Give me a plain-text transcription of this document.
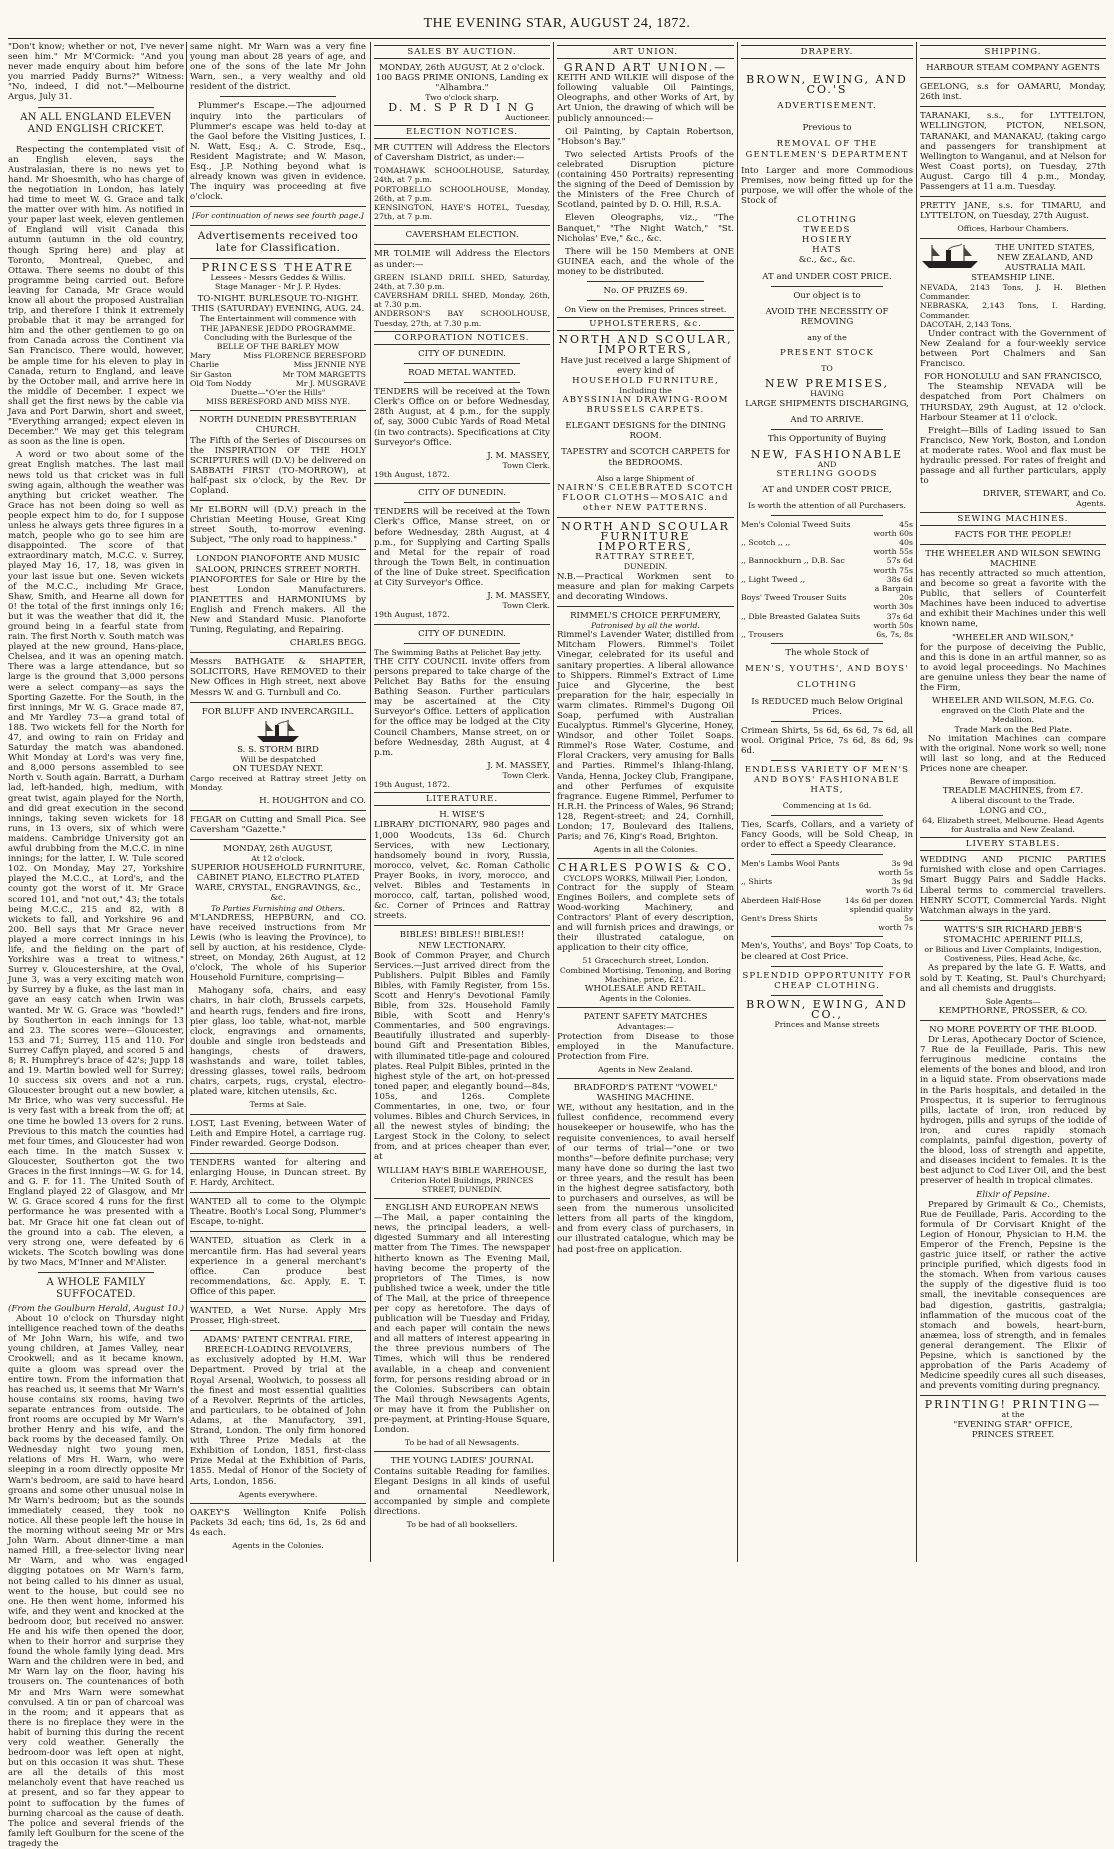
THE EVENING STAR, AUGUST 24, 1872.

"Don't know; whether or not, I've never seen him." Mr M'Cormick: "And you never made enquiry about him before you married Paddy Burns?" Witness: "No, indeed, I did not."—Melbourne Argus, July 31.

AN ALL ENGLAND ELEVEN AND ENGLISH CRICKET.

Respecting the contemplated visit of an English eleven, says the Australasian, there is no news yet to hand. Mr Shoesmith, who has charge of the negotiation in London, has lately had time to meet W. G. Grace and talk the matter over with him. As notified in your paper last week, eleven gentlemen of England will visit Canada this autumn (autumn in the old country, though Spring here) and play at Toronto, Montreal, Quebec, and Ottawa. There seems no doubt of this programme being carried out. Before leaving for Canada, Mr Grace would know all about the proposed Australian trip, and therefore I think it extremely probable that it may be arranged for him and the other gentlemen to go on from Canada across the Continent via San Francisco. There would, however, be ample time for his eleven to play in Canada, return to England, and leave by the October mail, and arrive here in the middle of December. I expect we shall get the first news by the cable via Java and Port Darwin, short and sweet, "Everything arranged; expect eleven in December." We may get this telegram as soon as the line is open.

A word or two about some of the great English matches. The last mail news told us that cricket was in full swing again, although the weather was anything but cricket weather. The Grace has not been doing so well as people expect him to do, for I suppose unless he always gets three figures in a match, people who go to see him are disappointed. The score of that extraordinary match, M.C.C. v. Surrey, played May 16, 17, 18, was given in your last issue but one. Seven wickets of the M.C.C., including Mr Grace, Shaw, Smith, and Hearne all down for 0! the total of the first innings only 16; but it was the weather that did it, the ground being in a fearful state from rain. The first North v. South match was played at the new ground, Hans-place, Chelsea, and it was an opening match. There was a large attendance, but so large is the ground that 3,000 persons were a select company—as says the Sporting Gazette. For the South, in the first innings, Mr W. G. Grace made 87, and Mr Yardley 73—a grand total of 188. Two wickets fell for the North for 47, and owing to rain on Friday and Saturday the match was abandoned. Whit Monday at Lord's was very fine, and 8,000 persons assembled to see North v. South again. Barratt, a Durham lad, left-handed, high, medium, with great twist, again played for the North, and did great execution in the second innings, taking seven wickets for 18 runs, in 13 overs, six of which were maidens. Cambridge University got an awful drubbing from the M.C.C. in nine innings; for the latter, I. W. Tule scored 102. On Monday, May 27, Yorkshire played the M.C.C., at Lord's, and the county got the worst of it. Mr Grace scored 101, and "not out," 43; the totals being M.C.C., 215 and 82, with 8 wickets to fall, and Yorkshire 96 and 200. Bell says that Mr Grace never played a more correct innings in his life, and the fielding on the part of Yorkshire was a treat to witness." Surrey v. Gloucestershire, at the Oval, June 3, was a very exciting match won by Surrey by a fluke, as the last man in gave an easy catch when Irwin was wanted. Mr W. G. Grace was "bowled!" by Southerton in each innings for 13 and 23. The scores were—Gloucester, 153 and 71; Surrey, 115 and 110. For Surrey Caffyn played, and scored 5 and 8; R. Humphrey's brace of 42's; Jupp 18 and 19. Martin bowled well for Surrey; 10 success six overs and not a run. Gloucester brought out a new bowler, a Mr Brice, who was very successful. He is very fast with a break from the off; at one time he bowled 13 overs for 2 runs. Previous to this match the counties had met four times, and Gloucester had won each time. In the match Sussex v. Gloucester, Southerton got the two Graces in the first innings—W. G. for 14, and G. F. for 11. The United South of England played 22 of Glasgow, and Mr W. G. Grace scored 4 runs for the first performance he was presented with a bat. Mr Grace hit one fat clean out of the ground into a cab. The eleven, a very strong one, were defeated by 6 wickets. The Scotch bowling was done by two Macs, M'Inner and M'Alister.

A WHOLE FAMILY SUFFOCATED.
(From the Goulburn Herald, August 10.)

About 10 o'clock on Thursday night intelligence reached town of the deaths of Mr John Warn, his wife, and two young children, at James Valley, near Crookwell; and as it became known, quite a gloom was spread over the entire town. From the information that has reached us, it seems that Mr Warn's house contains six rooms, having two separate entrances from outside. The front rooms are occupied by Mr Warn's brother Henry and his wife, and the back rooms by the deceased family. On Wednesday night two young men, relations of Mrs H. Warn, who were sleeping in a room directly opposite Mr Warn's bedroom, are said to have heard groans and some other unusual noise in Mr Warn's bedroom; but as the sounds immediately ceased, they took no notice. All these people left the house in the morning without seeing Mr or Mrs John Warn. About dinner-time a man named Hill, a free-selector living near Mr Warn, and who was engaged digging potatoes on Mr Warn's farm, not being called to his dinner as usual, went to the house, but could see no one. He then went home, informed his wife, and they went and knocked at the bedroom door, but received no answer. He and his wife then opened the door, when to their horror and surprise they found the whole family lying dead. Mrs Warn and the children were in bed, and Mr Warn lay on the floor, having his trousers on. The countenances of both Mr and Mrs Warn were somewhat convulsed. A tin or pan of charcoal was in the room; and it appears that as there is no fireplace they were in the habit of burning this during the recent very cold weather. Generally the bedroom-door was left open at night, but on this occasion it was shut. These are all the details of this most melancholy event that have reached us at present, and so far they appear to point to suffocation by the fumes of burning charcoal as the cause of death. The police and several friends of the family left Goulburn for the scene of the tragedy the

same night. Mr Warn was a very fine young man about 28 years of age, and one of the sons of the late Mr John Warn, sen., a very wealthy and old resident of the district.

Plummer's Escape.—The adjourned inquiry into the particulars of Plummer's escape was held to-day at the Gaol before the Visiting Justices, I. N. Watt, Esq.; A. C. Strode, Esq., Resident Magistrate; and W. Mason, Esq., J.P. Nothing beyond what is already known was given in evidence. The inquiry was proceeding at five o'clock.

[For continuation of news see fourth page.]
Advertisements received too late for Classification.
PRINCESS THEATRE
Lessees - Messrs Geddes & Willis.
Stage Manager - Mr J. P. Hydes.
TO-NIGHT. BURLESQUE TO-NIGHT.
THIS (SATURDAY) EVENING, AUG. 24.
The Entertainment will commence with THE JAPANESE JEDDO PROGRAMME.
Concluding with the Burlesque of the BELLE OF THE BARLEY MOW
Mary	Miss FLORENCE BERESFORD
Charlie	Miss JENNIE NYE
Sir Gaston	Mr TOM MARGETTS
Old Tom Noddy	Mr J. MUSGRAVE
Duette—"O'er the Hills"
MISS BERESFORD AND MISS NYE.
NORTH DUNEDIN PRESBYTERIAN CHURCH.

The Fifth of the Series of Discourses on the INSPIRATION OF THE HOLY SCRIPTURES will (D.V.) be delivered on SABBATH FIRST (TO-MORROW), at half-past six o'clock, by the Rev. Dr Copland.

Mr ELBORN will (D.V.) preach in the Christian Meeting House, Great King street South, to-morrow evening. Subject, "The only road to happiness."

LONDON PIANOFORTE AND MUSIC SALOON, PRINCES STREET NORTH.

PIANOFORTES for Sale or Hire by the best London Manufacturers. PIANETTES and HARMONIUMS by English and French makers. All the New and Standard Music. Pianoforte Tuning, Regulating, and Repairing.

CHARLES BEGG.

Messrs BATHGATE & SHAPTER, SOLICITORS, Have REMOVED to their New Offices in High street, next above Messrs W. and G. Turnbull and Co.

FOR BLUFF AND INVERCARGILL.
S. S. STORM BIRD
Will be despatched
ON TUESDAY NEXT.

Cargo received at Rattray street Jetty on Monday.

H. HOUGHTON and CO.

FEGAR on Cutting and Small Pica. See Caversham "Gazette."

MONDAY, 26th AUGUST,
At 12 o'clock.
SUPERIOR HOUSEHOLD FURNITURE, CABINET PIANO, ELECTRO PLATED WARE, CRYSTAL, ENGRAVINGS, &c., &c.
To Parties Furnishing and Others.

M'LANDRESS, HEPBURN, and CO. have received instructions from Mr Lewis (who is leaving the Province), to sell by auction, at his residence, Clyde-street, on Monday, 26th August, at 12 o'clock, The whole of his Superior Household Furniture, comprising—

Mahogany sofa, chairs, and easy chairs, in hair cloth, Brussels carpets, and hearth rugs, fenders and fire irons, pier glass, loo table, what-not, marble clock, engravings and ornaments, double and single iron bedsteads and hangings, chests of drawers, washstands and ware, toilet tables, dressing glasses, towel rails, bedroom chairs, carpets, rugs, crystal, electro-plated ware, kitchen utensils, &c.

Terms at Sale.

LOST, Last Evening, between Water of Leith and Empire Hotel, a carriage rug. Finder rewarded. George Dodson.

TENDERS wanted for altering and enlarging House, in Duncan street. By F. Hardy, Architect.

WANTED all to come to the Olympic Theatre. Booth's Local Song, Plummer's Escape, to-night.

WANTED, situation as Clerk in a mercantile firm. Has had several years experience in a general merchant's office. Can produce best recommendations, &c. Apply, E. T. Office of this paper.

WANTED, a Wet Nurse. Apply Mrs Prosser, High-street.

ADAMS' PATENT CENTRAL FIRE, BREECH-LOADING REVOLVERS,

as exclusively adopted by H.M. War Department. Proved by trial at the Royal Arsenal, Woolwich, to possess all the finest and most essential qualities of a Revolver. Reprints of the articles, and particulars, to be obtained of John Adams, at the Manufactory, 391, Strand, London. The only firm honored with Three Prize Medals at the Exhibition of London, 1851, first-class Prize Medal at the Exhibition of Paris, 1855. Medal of Honor of the Society of Arts, London, 1856.

Agents everywhere.

OAKEY'S Wellington Knife Polish Packets 3d each; tins 6d, 1s, 2s 6d and 4s each.

Agents in the Colonies.
SALES BY AUCTION.
MONDAY, 26th AUGUST, At 2 o'clock.
100 BAGS PRIME ONIONS, Landing ex "Alhambra."
Two o'clock sharp.
D. M. S P R D I N G
Auctioneer.
ELECTION NOTICES.

MR CUTTEN will Address the Electors of Caversham District, as under:—

TOMAHAWK SCHOOLHOUSE, Saturday, 24th, at 7 p.m.
PORTOBELLO SCHOOLHOUSE, Monday, 26th, at 7 p.m.
KENSINGTON, HAYE'S HOTEL, Tuesday, 27th, at 7 p.m.
CAVERSHAM ELECTION.

MR TOLMIE will Address the Electors as under:—

GREEN ISLAND DRILL SHED, Saturday, 24th, at 7.30 p.m.
CAVERSHAM DRILL SHED, Monday, 26th, at 7.30 p.m.
ANDERSON'S BAY SCHOOLHOUSE, Tuesday, 27th, at 7.30 p.m.
CORPORATION NOTICES.
CITY OF DUNEDIN.
ROAD METAL WANTED.

TENDERS will be received at the Town Clerk's Office on or before Wednesday, 28th August, at 4 p.m., for the supply of, say, 3000 Cubic Yards of Road Metal (in two contracts). Specifications at City Surveyor's Office.

J. M. MASSEY,
Town Clerk.
19th August, 1872.
CITY OF DUNEDIN.

TENDERS will be received at the Town Clerk's Office, Manse street, on or before Wednesday, 28th August, at 4 p.m., for Supplying and Carting Spalls and Metal for the repair of road through the Town Belt, in continuation of the line of Duke street. Specification at City Surveyor's Office.

J. M. MASSEY,
Town Clerk.
19th August, 1872.
CITY OF DUNEDIN.
The Swimming Baths at Pelichet Bay jetty.

THE CITY COUNCIL invite offers from persons prepared to take charge of the Pelichet Bay Baths for the ensuing Bathing Season. Further particulars may be ascertained at the City Surveyor's Office. Letters of application for the office may be lodged at the City Council Chambers, Manse street, on or before Wednesday, 28th August, at 4 p.m.

J. M. MASSEY,
Town Clerk.
19th August, 1872.
LITERATURE.
H. WISE'S

LIBRARY DICTIONARY, 980 pages and 1,000 Woodcuts, 13s 6d. Church Services, with new Lectionary, handsomely bound in ivory, Russia, morocco, velvet, &c. Roman Catholic Prayer Books, in ivory, morocco, and velvet. Bibles and Testaments in morocco, calf, tartan, polished wood, &c. Corner of Princes and Rattray streets.

BIBLES! BIBLES!! BIBLES!!
NEW LECTIONARY.

Book of Common Prayer, and Church Services.—Just arrived direct from the Publishers. Pulpit Bibles and Family Bibles, with Family Register, from 15s. Scott and Henry's Devotional Family Bible, from 32s. Household Family Bible, with Scott and Henry's Commentaries, and 500 engravings. Beautifully illustrated and superbly-bound Gift and Presentation Bibles, with illuminated title-page and coloured plates. Real Pulpit Bibles, printed in the highest style of the art, on hot-pressed toned paper, and elegantly bound—84s, 105s, and 126s. Complete Commentaries, in one, two, or four volumes. Bibles and Church Services, in all the newest styles of binding; the Largest Stock in the Colony, to select from, and at prices cheaper than ever, at

WILLIAM HAY'S BIBLE WAREHOUSE,
Criterion Hotel Buildings, PRINCES STREET, DUNEDIN.
ENGLISH AND EUROPEAN NEWS

—The Mail, a paper containing the news, the principal leaders, a well-digested Summary and all interesting matter from The Times. The newspaper hitherto known as The Evening Mail, having become the property of the proprietors of The Times, is now published twice a week, under the title of The Mail, at the price of threepence per copy as heretofore. The days of publication will be Tuesday and Friday, and each paper will contain the news and all matters of interest appearing in the three previous numbers of The Times, which will thus be rendered available, in a cheap and convenient form, for persons residing abroad or in the Colonies. Subscribers can obtain The Mail through Newsagents Agents, or may have it from the Publisher on pre-payment, at Printing-House Square, London.

To be had of all Newsagents.
THE YOUNG LADIES' JOURNAL

Contains suitable Reading for families. Elegant Designs in all kinds of useful and ornamental Needlework, accompanied by simple and complete directions.

To be had of all booksellers.
ART UNION.
GRAND ART UNION.—

KEITH AND WILKIE will dispose of the following valuable Oil Paintings, Oleographs, and other Works of Art, by Art Union, the drawing of which will be publicly announced:—

Oil Painting, by Captain Robertson, "Hobson's Bay."

Two selected Artists Proofs of the celebrated Disruption picture (containing 450 Portraits) representing the signing of the Deed of Demission by the Ministers of the Free Church of Scotland, painted by D. O. Hill, R.S.A.

Eleven Oleographs, viz., "The Banquet," "The Night Watch," "St. Nicholas' Eve," &c., &c.

There will be 150 Members at ONE GUINEA each, and the whole of the money to be distributed.

No. OF PRIZES 69.
On View on the Premises, Princes street.
UPHOLSTERERS, &c.
NORTH AND SCOULAR,
IMPORTERS,
Have just received a large Shipment of every kind of
HOUSEHOLD FURNITURE,
Including the
ABYSSINIAN DRAWING-ROOM BRUSSELS CARPETS.
ELEGANT DESIGNS for the DINING ROOM.
TAPESTRY and SCOTCH CARPETS for the BEDROOMS.
Also a large Shipment of
NAIRN'S CELEBRATED SCOTCH FLOOR CLOTHS—MOSAIC and other NEW PATTERNS.
NORTH AND SCOULAR
FURNITURE IMPORTERS,
RATTRAY STREET,
DUNEDIN.

N.B.—Practical Workmen sent to measure and plan for making Carpets and decorating Windows.

RIMMEL'S CHOICE PERFUMERY,
Patronised by all the world.

Rimmel's Lavender Water, distilled from Mitcham Flowers. Rimmel's Toilet Vinegar, celebrated for its useful and sanitary properties. A liberal allowance to Shippers. Rimmel's Extract of Lime Juice and Glycerine, the best preparation for the hair, especially in warm climates. Rimmel's Dugong Oil Soap, perfumed with Australian Eucalyptus. Rimmel's Glycerine, Honey, Windsor, and other Toilet Soaps. Rimmel's Rose Water, Costume, and Floral Crackers, very amusing for Balls and Parties. Rimmel's Ihlang-Ihlang, Vanda, Henna, Jockey Club, Frangipane, and other Perfumes of exquisite fragrance. Eugene Rimmel, Perfumer to H.R.H. the Princess of Wales, 96 Strand; 128, Regent-street; and 24, Cornhill, London; 17, Boulevard des Italiens, Paris; and 76, King's Road, Brighton.

Agents in all the Colonies.
CHARLES POWIS & CO.
CYCLOPS WORKS, Millwall Pier, London,

Contract for the supply of Steam Engines Boilers, and complete sets of Wood-working Machinery, and Contractors' Plant of every description, and will furnish prices and drawings, or their illustrated catalogue, on application to their city office,

51 Gracechurch street, London.
Combined Mortising, Tenoning, and Boring Machine, price, £21.
WHOLESALE AND RETAIL.
Agents in the Colonies.
PATENT SAFETY MATCHES
Advantages:—

Protection from Disease to those employed in the Manufacture. Protection from Fire.

Agents in New Zealand.
BRADFORD'S PATENT "VOWEL" WASHING MACHINE.

WE, without any hesitation, and in the fullest confidence, recommend every housekeeper or housewife, who has the requisite conveniences, to avail herself of our terms of trial—"one or two months"—before definite purchase; very many have done so during the last two or three years, and the result has been in the highest degree satisfactory, both to purchasers and ourselves, as will be seen from the numerous unsolicited letters from all parts of the kingdom, and from every class of purchasers, in our illustrated catalogue, which may be had post-free on application.

DRAPERY.
BROWN, EWING, AND CO.'S
ADVERTISEMENT.
Previous to
REMOVAL OF THE GENTLEMEN'S DEPARTMENT

Into Larger and more Commodious Premises, now being fitted up for the purpose, we will offer the whole of the Stock of

CLOTHING
TWEEDS
HOSIERY
HATS
&c., &c., &c.
AT and UNDER COST PRICE.
Our object is to
AVOID THE NECESSITY OF REMOVING
any of the
PRESENT STOCK
TO
NEW PREMISES,
HAVING
LARGE SHIPMENTS DISCHARGING,
And TO ARRIVE.
This Opportunity of Buying
NEW, FASHIONABLE
AND
STERLING GOODS
AT and UNDER COST PRICE,
Is worth the attention of all Purchasers.
Men's Colonial Tweed Suits	45s
worth 60s
,, Scotch ,, ,,	40s
worth 55s
,, Bannockburn ,, D.B. Sac	57s 6d
worth 75s
,, Light Tweed ,,	38s 6d
a Bargain
Boys' Tweed Trouser Suits	20s
worth 30s
,, Dble Breasted Galatea Suits	37s 6d
worth 50s
,, Trousers	6s, 7s, 8s
The whole Stock of
MEN'S, YOUTHS', AND BOYS'
CLOTHING
Is REDUCED much Below Original Prices.

Crimean Shirts, 5s 6d, 6s 6d, 7s 6d, all wool. Original Price, 7s 6d, 8s 6d, 9s 6d.

ENDLESS VARIETY OF MEN'S AND BOYS' FASHIONABLE HATS,
Commencing at 1s 6d.

Ties, Scarfs, Collars, and a variety of Fancy Goods, will be Sold Cheap, in order to effect a Speedy Clearance.

Men's Lambs Wool Pants	3s 9d
worth 5s
,, Shirts	3s 9d
worth 7s 6d
Aberdeen Half-Hose	14s 6d per dozen
splendid quality
Gent's Dress Shirts	5s
worth 7s

Men's, Youths', and Boys' Top Coats, to be cleared at Cost Price.

SPLENDID OPPORTUNITY FOR CHEAP CLOTHING.
BROWN, EWING, AND CO.,
Princes and Manse streets
SHIPPING.
HARBOUR STEAM COMPANY AGENTS

GEELONG, s.s for OAMARU, Monday, 26th inst.

TARANAKI, s.s., for LYTTELTON, WELLINGTON, PICTON, NELSON, TARANAKI, and MANAKAU, (taking cargo and passengers for transhipment at Wellington to Wanganui, and at Nelson for West Coast ports), on Tuesday, 27th August. Cargo till 4 p.m., Monday, Passengers at 11 a.m. Tuesday.

PRETTY JANE, s.s. for TIMARU, and LYTTELTON, on Tuesday, 27th August.

Offices, Harbour Chambers.
THE UNITED STATES, NEW ZEALAND, AND AUSTRALIA MAIL STEAMSHIP LINE.
NEVADA, 2143 Tons, J. H. Blethen Commander.
NEBRASKA, 2,143 Tons, I. Harding, Commander.
DACOTAH, 2,143 Tons.

Under contract with the Government of New Zealand for a four-weekly service between Port Chalmers and San Francisco.

FOR HONOLULU and SAN FRANCISCO,

The Steamship NEVADA will be despatched from Port Chalmers on THURSDAY, 29th August, at 12 o'clock. Harbour Steamer at 11 o'clock.

Freight—Bills of Lading issued to San Francisco, New York, Boston, and London at moderate rates. Wool and flax must be hydraulic pressed. For rates of freight and passage and all further particulars, apply to

DRIVER, STEWART, and Co.
Agents.
SEWING MACHINES.
FACTS FOR THE PEOPLE!
THE WHEELER AND WILSON SEWING MACHINE

has recently attracted so much attention, and become so great a favorite with the Public, that sellers of Counterfeit Machines have been induced to advertise and exhibit their Machines under this well known name,

"WHEELER AND WILSON,"

for the purpose of deceiving the Public, and this is done in an artful manner, so as to avoid legal proceedings. No Machines are genuine unless they bear the name of the Firm,

WHEELER AND WILSON, M.F.G. Co.
engraved on the Cloth Plate and the Medallion.
Trade Mark on the Bed Plate.

No imitation Machines can compare with the original. None work so well; none will last so long, and at the Reduced Prices none are cheaper.

Beware of imposition.
TREADLE MACHINES, from £7.
A liberal discount to the Trade.
LONG and CO.,
64, Elizabeth street, Melbourne. Head Agents for Australia and New Zealand.
LIVERY STABLES.

WEDDING AND PICNIC PARTIES furnished with close and open Carriages. Smart Buggy Pairs and Saddle Hacks. Liberal terms to commercial travellers. HENRY SCOTT, Commercial Yards. Night Watchman always in the yard.

WATTS'S SIR RICHARD JEBB'S STOMACHIC APERIENT PILLS,
or Bilious and Liver Complaints, Indigestion, Costiveness, Piles, Head Ache, &c.

As prepared by the late G. F. Watts, and sold by T. Keating, St. Paul's Churchyard; and all chemists and druggists.

Sole Agents—
KEMPTHORNE, PROSSER, & CO.
NO MORE POVERTY OF THE BLOOD.

Dr Leras, Apothecary Doctor of Science, 7 Rue de la Feuillade, Paris. This new ferruginous medicine contains the elements of the bones and blood, and iron in a liquid state. From observations made in the Paris hospitals, and detailed in the Prospectus, it is superior to ferruginous pills, lactate of iron, iron reduced by hydrogen, pills and syrups of the iodide of iron, and cures rapidly stomach complaints, painful digestion, poverty of the blood, loss of strength and appetite, and diseases incident to females. It is the best adjunct to Cod Liver Oil, and the best preserver of health in tropical climates.

Elixir of Pepsine.

Prepared by Grimault & Co., Chemists, Rue de Feuillade, Paris. According to the formula of Dr Corvisart Knight of the Legion of Honour, Physician to H.M. the Emperor of the French, Pepsine is the gastric juice itself, or rather the active principle purified, which digests food in the stomach. When from various causes the supply of the digestive fluid is too small, the inevitable consequences are bad digestion, gastritis, gastralgia; inflammation of the mucous coat of the stomach and bowels, heart-burn, anæmea, loss of strength, and in females general derangement. The Elixir of Pepsine, which is sanctioned by the approbation of the Paris Academy of Medicine speedily cures all such diseases, and prevents vomiting during pregnancy.

PRINTING! PRINTING—
at the
"EVENING STAR" OFFICE,
PRINCES STREET.
